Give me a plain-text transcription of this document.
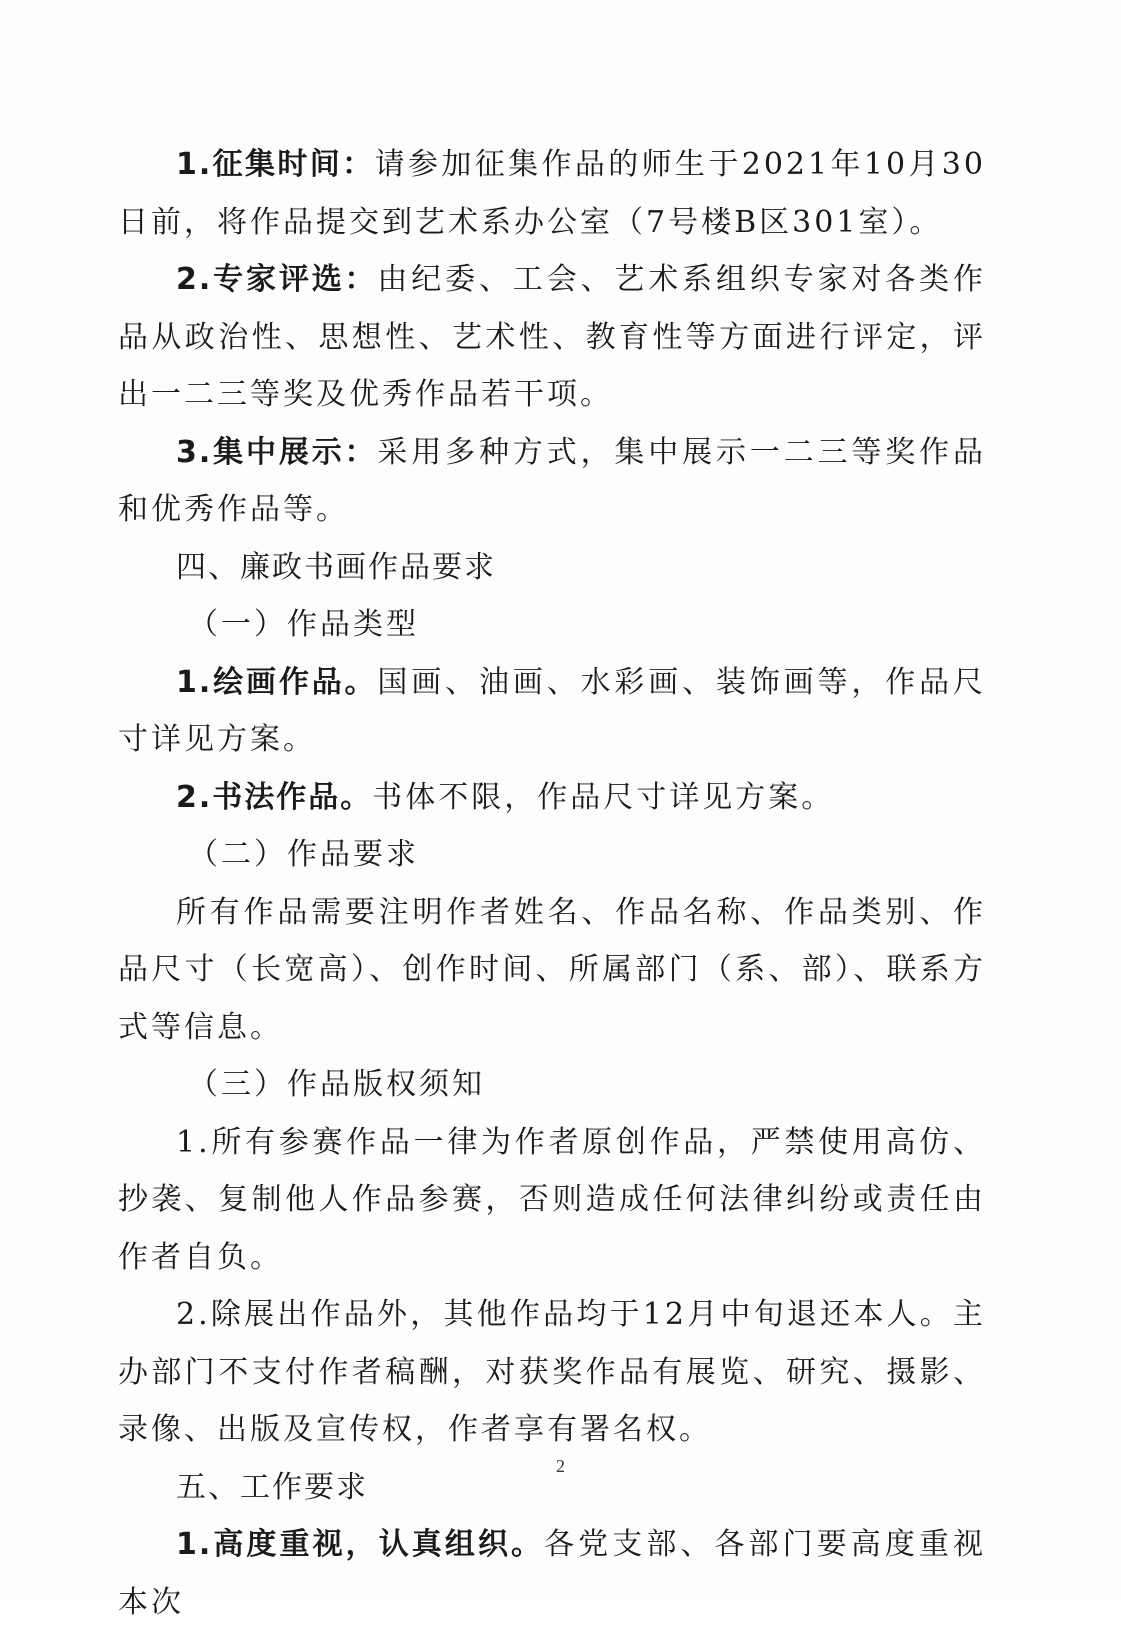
1.征集时间：请参加征集作品的师生于2021年10月30日前，将作品提交到艺术系办公室（7号楼B区301室）。

2.专家评选：由纪委、工会、艺术系组织专家对各类作品从政治性、思想性、艺术性、教育性等方面进行评定，评出一二三等奖及优秀作品若干项。

3.集中展示：采用多种方式，集中展示一二三等奖作品和优秀作品等。

四、廉政书画作品要求

（一）作品类型

1.绘画作品。国画、油画、水彩画、装饰画等，作品尺寸详见方案。

2.书法作品。书体不限，作品尺寸详见方案。

（二）作品要求

所有作品需要注明作者姓名、作品名称、作品类别、作品尺寸（长宽高）、创作时间、所属部门（系、部）、联系方式等信息。

（三）作品版权须知

1.所有参赛作品一律为作者原创作品，严禁使用高仿、抄袭、复制他人作品参赛，否则造成任何法律纠纷或责任由作者自负。

2.除展出作品外，其他作品均于12月中旬退还本人。主办部门不支付作者稿酬，对获奖作品有展览、研究、摄影、录像、出版及宣传权，作者享有署名权。

五、工作要求

1.高度重视，认真组织。各党支部、各部门要高度重视本次

2
